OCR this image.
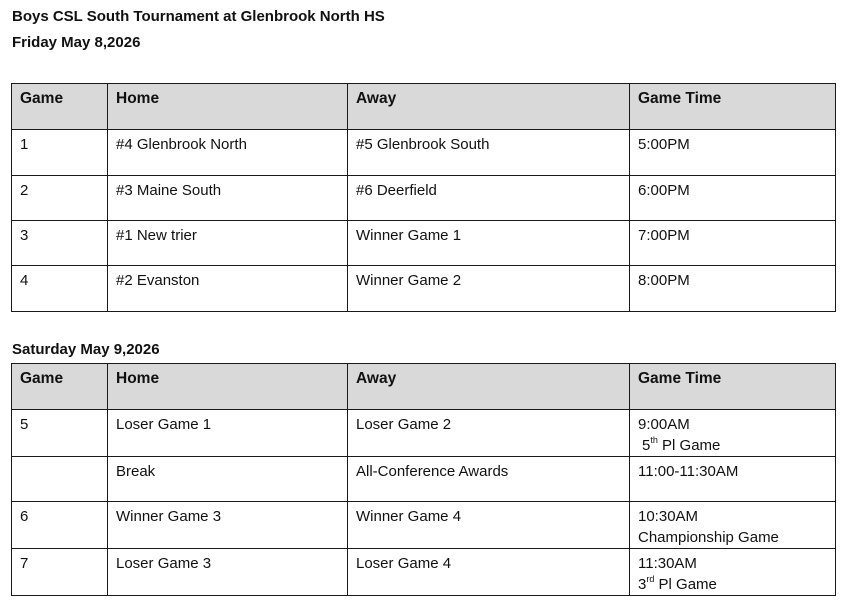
Boys CSL South Tournament at Glenbrook North HS
Friday May 8,2026
Game	Home	Away	Game Time
1	#4 Glenbrook North	#5 Glenbrook South	5:00PM
2	#3 Maine South	#6 Deerfield	6:00PM
3	#1 New trier	Winner Game 1	7:00PM
4	#2 Evanston	Winner Game 2	8:00PM
Saturday May 9,2026
Game	Home	Away	Game Time
5	Loser Game 1	Loser Game 2	9:00AM
5th Pl Game

	Break	All-Conference Awards	11:00-11:30AM
6	Winner Game 3	Winner Game 4	10:30AM
Championship Game

7	Loser Game 3	Loser Game 4	11:30AM
3rd Pl Game
